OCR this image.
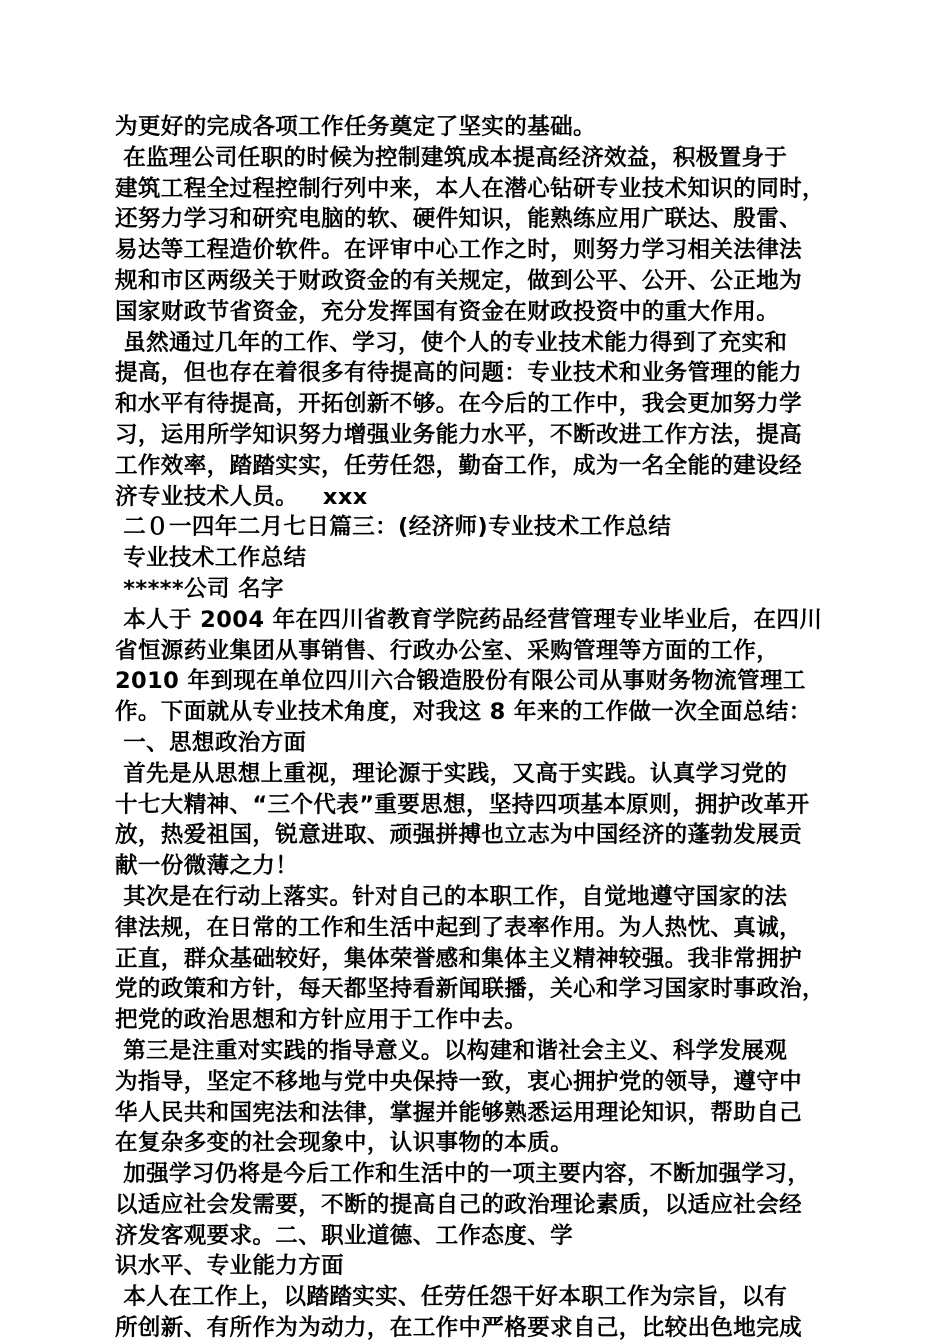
为更好的完成各项工作任务奠定了坚实的基础。
在监理公司任职的时候为控制建筑成本提高经济效益，积极置身于
建筑工程全过程控制行列中来，本人在潜心钻研专业技术知识的同时，
还努力学习和研究电脑的软、硬件知识，能熟练应用广联达、殷雷、
易达等工程造价软件。在评审中心工作之时，则努力学习相关法律法
规和市区两级关于财政资金的有关规定，做到公平、公开、公正地为
国家财政节省资金，充分发挥国有资金在财政投资中的重大作用。
虽然通过几年的工作、学习，使个人的专业技术能力得到了充实和
提高，但也存在着很多有待提高的问题：专业技术和业务管理的能力
和水平有待提高，开拓创新不够。在今后的工作中，我会更加努力学
习，运用所学知识努力增强业务能力水平，不断改进工作方法，提高
工作效率，踏踏实实，任劳任怨，勤奋工作，成为一名全能的建设经
济专业技术人员。   xxx
二０一四年二月七日篇三：(经济师)专业技术工作总结
专业技术工作总结
*****公司 名字
本人于 2004 年在四川省教育学院药品经营管理专业毕业后，在四川
省恒源药业集团从事销售、行政办公室、采购管理等方面的工作，
2010 年到现在单位四川六合锻造股份有限公司从事财务物流管理工
作。下面就从专业技术角度，对我这 8 年来的工作做一次全面总结：
一、思想政治方面
首先是从思想上重视，理论源于实践，又高于实践。认真学习党的
十七大精神、“三个代表”重要思想，坚持四项基本原则，拥护改革开
放，热爱祖国，锐意进取、顽强拼搏也立志为中国经济的蓬勃发展贡
献一份微薄之力！
其次是在行动上落实。针对自己的本职工作，自觉地遵守国家的法
律法规，在日常的工作和生活中起到了表率作用。为人热忱、真诚，
正直，群众基础较好，集体荣誉感和集体主义精神较强。我非常拥护
党的政策和方针，每天都坚持看新闻联播，关心和学习国家时事政治，
把党的政治思想和方针应用于工作中去。
第三是注重对实践的指导意义。以构建和谐社会主义、科学发展观
为指导，坚定不移地与党中央保持一致，衷心拥护党的领导，遵守中
华人民共和国宪法和法律，掌握并能够熟悉运用理论知识，帮助自己
在复杂多变的社会现象中，认识事物的本质。
加强学习仍将是今后工作和生活中的一项主要内容，不断加强学习，
以适应社会发需要，不断的提高自己的政治理论素质，以适应社会经
济发客观要求。二、职业道德、工作态度、学
识水平、专业能力方面
本人在工作上，以踏踏实实、任劳任怨干好本职工作为宗旨，以有
所创新、有所作为为动力，在工作中严格要求自己，比较出色地完成
